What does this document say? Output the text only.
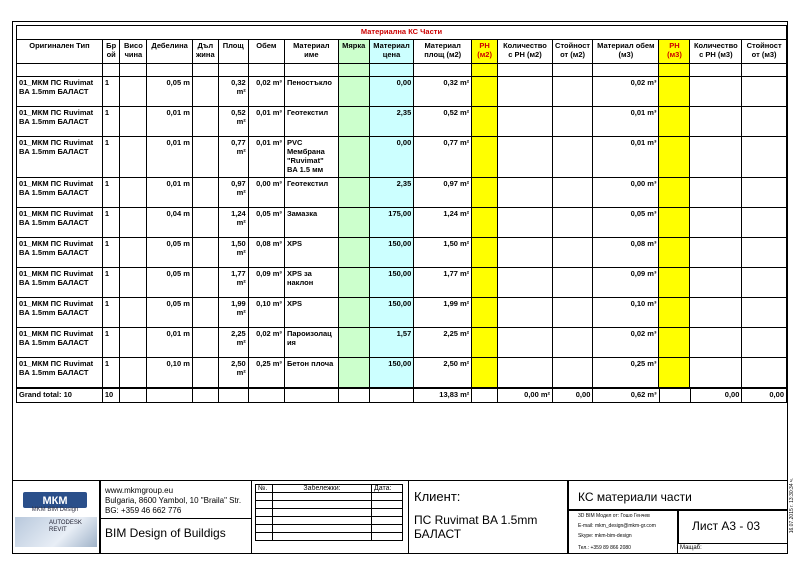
Материална КС Части																	
Оригинален Тип	Брой	Висо чина	Дебелина	Дъл жина	Площ	Обем	Материал име	Мярка	Материал цена	Материал площ (м2)	PH (м2)	Количество с PH (м2)	Стойност от (м2)	Материал обем (м3)	PH (м3)	Количество с PH (м3)	Стойност от (м3)

01_МКМ ПС Ruvimat BA 1.5mm БАЛАСТ	1		0,05 m		0,32 m²	0,02 m³	Пеностъкло		0,00	0,32 m²				0,02 m³			
01_МКМ ПС Ruvimat BA 1.5mm БАЛАСТ	1		0,01 m		0,52 m²	0,01 m³	Геотекстил		2,35	0,52 m²				0,01 m³			
01_МКМ ПС Ruvimat BA 1.5mm БАЛАСТ	1		0,01 m		0,77 m²	0,01 m³	PVC Мембрана "Ruvimat" BA 1.5 мм		0,00	0,77 m²				0,01 m³			
01_МКМ ПС Ruvimat BA 1.5mm БАЛАСТ	1		0,01 m		0,97 m²	0,00 m³	Геотекстил		2,35	0,97 m²				0,00 m³			
01_МКМ ПС Ruvimat BA 1.5mm БАЛАСТ	1		0,04 m		1,24 m²	0,05 m³	Замазка		175,00	1,24 m²				0,05 m³			
01_МКМ ПС Ruvimat BA 1.5mm БАЛАСТ	1		0,05 m		1,50 m²	0,08 m³	XPS		150,00	1,50 m²				0,08 m³			
01_МКМ ПС Ruvimat BA 1.5mm БАЛАСТ	1		0,05 m		1,77 m²	0,09 m³	XPS за наклон		150,00	1,77 m²				0,09 m³			
01_МКМ ПС Ruvimat BA 1.5mm БАЛАСТ	1		0,05 m		1,99 m²	0,10 m³	XPS		150,00	1,99 m²				0,10 m³			
01_МКМ ПС Ruvimat BA 1.5mm БАЛАСТ	1		0,01 m		2,25 m²	0,02 m³	Пароизолация		1,57	2,25 m²				0,02 m³			
01_МКМ ПС Ruvimat BA 1.5mm БАЛАСТ	1		0,10 m		2,50 m²	0,25 m³	Бетон плоча		150,00	2,50 m²				0,25 m³			
Grand total: 10	10									13,83 m²		0,00 m²	0,00	0,62 m³		0,00	0,00
МКМ
MKM BIM Design
AUTODESK REVIT
www.mkmgroup.eu
Bulgaria, 8600 Yambol, 10 "Braila" Str.
BG: +359 46 662 776
BIM Design of Buildigs
№.	Забележки:	Дата:

Клиент:
ПС Ruvimat BA 1.5mm БАЛАСТ
КС материали части
3D BIM Модел от: Гошо Генчев
E-mail: mkm_design@mkm-gr.com
Skype: mkm-bim-design
Тел.: +359 89 866 2080	Мащаб:
Лист А3 - 03	16.07.2015 г. 13:30:34 ч.
